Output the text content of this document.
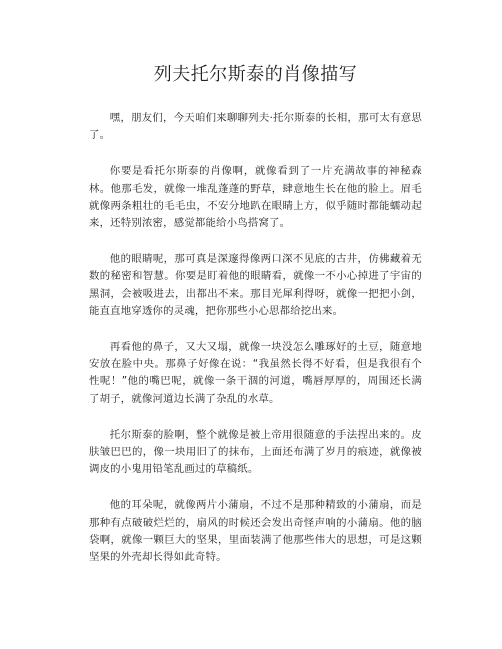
列夫托尔斯泰的肖像描写

嘿，朋友们，今天咱们来聊聊列夫·托尔斯泰的长相，那可太有意思了。

你要是看托尔斯泰的肖像啊，就像看到了一片充满故事的神秘森林。他那毛发，就像一堆乱蓬蓬的野草，肆意地生长在他的脸上。眉毛就像两条粗壮的毛毛虫，不安分地趴在眼睛上方，似乎随时都能蠕动起来，还特别浓密，感觉都能给小鸟搭窝了。

他的眼睛呢，那可真是深邃得像两口深不见底的古井，仿佛藏着无数的秘密和智慧。你要是盯着他的眼睛看，就像一不小心掉进了宇宙的黑洞，会被吸进去，出都出不来。那目光犀利得呀，就像一把把小剑，能直直地穿透你的灵魂，把你那些小心思都给挖出来。

再看他的鼻子，又大又塌，就像一块没怎么雕琢好的土豆，随意地安放在脸中央。那鼻子好像在说：“我虽然长得不好看，但是我很有个性呢！”他的嘴巴呢，就像一条干涸的河道，嘴唇厚厚的，周围还长满了胡子，就像河道边长满了杂乱的水草。

托尔斯泰的脸啊，整个就像是被上帝用很随意的手法捏出来的。皮肤皱巴巴的，像一块用旧了的抹布，上面还布满了岁月的痕迹，就像被调皮的小鬼用铅笔乱画过的草稿纸。

他的耳朵呢，就像两片小蒲扇，不过不是那种精致的小蒲扇，而是那种有点破破烂烂的，扇风的时候还会发出奇怪声响的小蒲扇。他的脑袋啊，就像一颗巨大的坚果，里面装满了他那些伟大的思想，可是这颗坚果的外壳却长得如此奇特。
